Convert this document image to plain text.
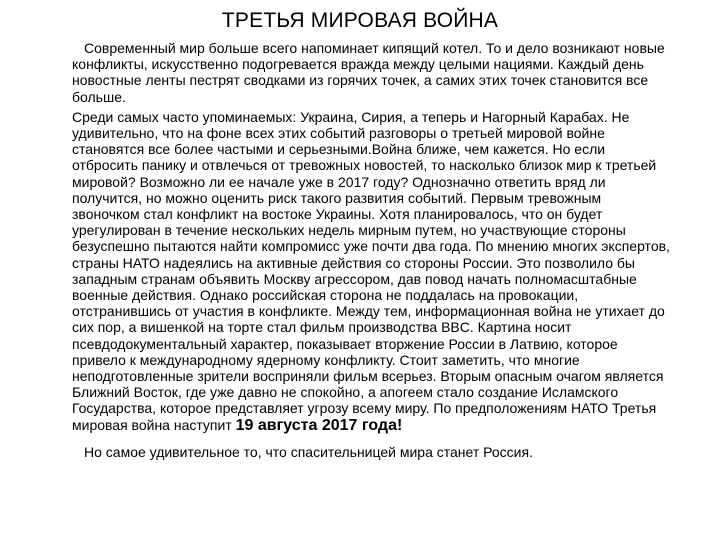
ТРЕТЬЯ МИРОВАЯ ВОЙНА

Современный мир больше всего напоминает кипящий котел. То и дело возникают новые конфликты, искусственно подогревается вражда между целыми нациями. Каждый день новостные ленты пестрят сводками из горячих точек, а самих этих точек становится все больше.

Среди самых часто упоминаемых: Украина, Сирия, а теперь и Нагорный Карабах. Не удивительно, что на фоне всех этих событий разговоры о третьей мировой войне становятся все более частыми и серьезными.Война ближе, чем кажется. Но если отбросить панику и отвлечься от тревожных новостей, то насколько близок мир к третьей мировой? Возможно ли ее начале уже в 2017 году? Однозначно ответить вряд ли получится, но можно оценить риск такого развития событий. Первым тревожным звоночком стал конфликт на востоке Украины. Хотя планировалось, что он будет урегулирован в течение нескольких недель мирным путем, но участвующие стороны безуспешно пытаются найти компромисс уже почти два года. По мнению многих экспертов, страны НАТО надеялись на активные действия со стороны России. Это позволило бы западным странам объявить Москву агрессором, дав повод начать полномасштабные военные действия. Однако российская сторона не поддалась на провокации, отстранившись от участия в конфликте. Между тем, информационная война не утихает до сих пор, а вишенкой на торте стал фильм производства BBC. Картина носит псевдодокументальный характер, показывает вторжение России в Латвию, которое привело к международному ядерному конфликту. Стоит заметить, что многие неподготовленные зрители восприняли фильм всерьез. Вторым опасным очагом является Ближний Восток, где уже давно не спокойно, а апогеем стало создание Исламского Государства, которое представляет угрозу всему миру. По предположениям НАТО Третья мировая война наступит 19 августа 2017 года!

Но самое удивительное то, что спасительницей мира станет Россия.
